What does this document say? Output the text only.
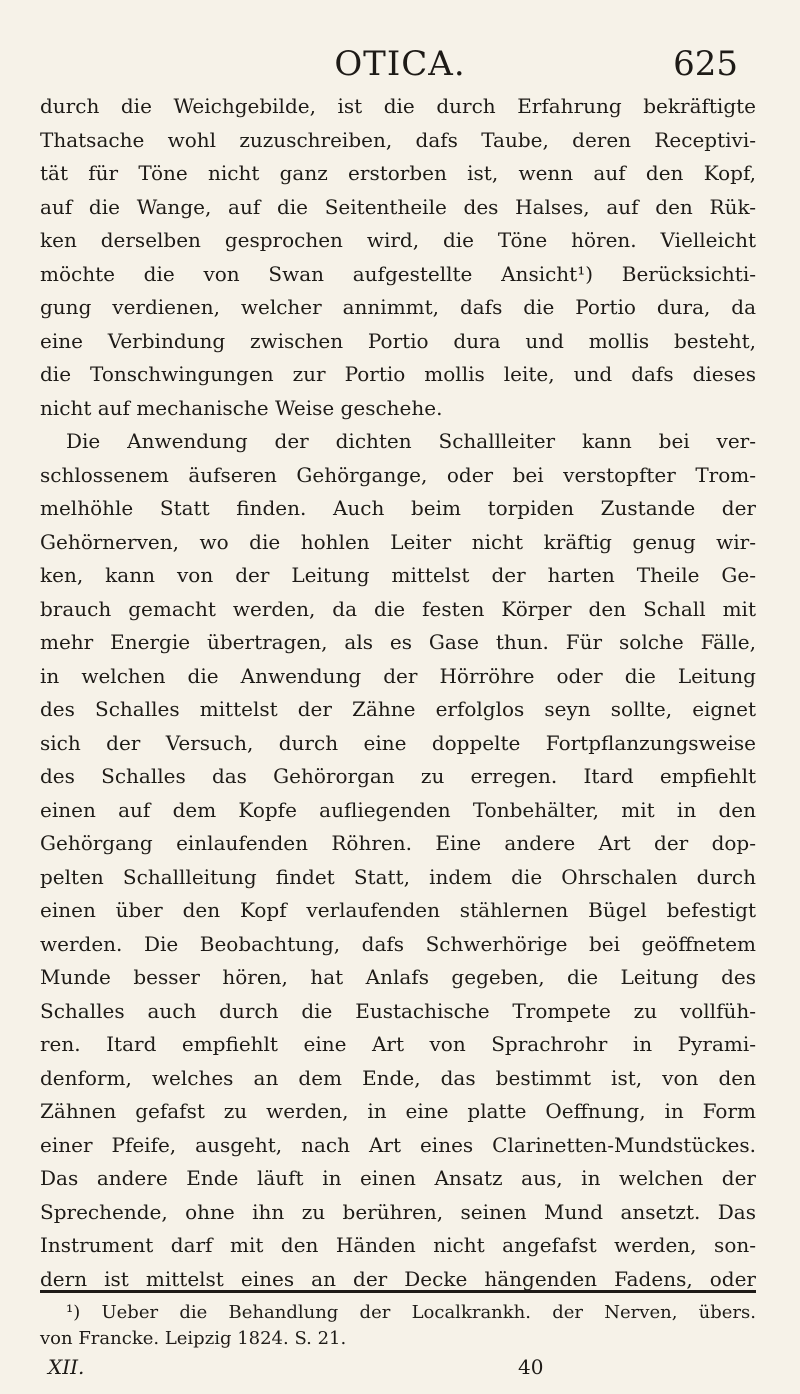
OTICA.	625
durch die Weichgebilde, ist die durch Erfahrung bekräftigte
Thatsache wohl zuzuschreiben, dafs Taube, deren Receptivi-
tät für Töne nicht ganz erstorben ist, wenn auf den Kopf,
auf die Wange, auf die Seitentheile des Halses, auf den Rük-
ken derselben gesprochen wird, die Töne hören. Vielleicht
möchte die von Swan aufgestellte Ansicht¹) Berücksichti-
gung verdienen, welcher annimmt, dafs die Portio dura, da
eine Verbindung zwischen Portio dura und mollis besteht,
die Tonschwingungen zur Portio mollis leite, und dafs dieses
nicht auf mechanische Weise geschehe.
Die Anwendung der dichten Schallleiter kann bei ver-
schlossenem äufseren Gehörgange, oder bei verstopfter Trom-
melhöhle Statt finden. Auch beim torpiden Zustande der
Gehörnerven, wo die hohlen Leiter nicht kräftig genug wir-
ken, kann von der Leitung mittelst der harten Theile Ge-
brauch gemacht werden, da die festen Körper den Schall mit
mehr Energie übertragen, als es Gase thun. Für solche Fälle,
in welchen die Anwendung der Hörröhre oder die Leitung
des Schalles mittelst der Zähne erfolglos seyn sollte, eignet
sich der Versuch, durch eine doppelte Fortpflanzungsweise
des Schalles das Gehörorgan zu erregen. Itard empfiehlt
einen auf dem Kopfe aufliegenden Tonbehälter, mit in den
Gehörgang einlaufenden Röhren. Eine andere Art der dop-
pelten Schallleitung findet Statt, indem die Ohrschalen durch
einen über den Kopf verlaufenden stählernen Bügel befestigt
werden. Die Beobachtung, dafs Schwerhörige bei geöffnetem
Munde besser hören, hat Anlafs gegeben, die Leitung des
Schalles auch durch die Eustachische Trompete zu vollfüh-
ren. Itard empfiehlt eine Art von Sprachrohr in Pyrami-
denform, welches an dem Ende, das bestimmt ist, von den
Zähnen gefafst zu werden, in eine platte Oeffnung, in Form
einer Pfeife, ausgeht, nach Art eines Clarinetten-Mundstückes.
Das andere Ende läuft in einen Ansatz aus, in welchen der
Sprechende, ohne ihn zu berühren, seinen Mund ansetzt. Das
Instrument darf mit den Händen nicht angefafst werden, son-
dern ist mittelst eines an der Decke hängenden Fadens, oder
¹) Ueber die Behandlung der Localkrankh. der Nerven, übers.
von Francke. Leipzig 1824. S. 21.
XII.	40
